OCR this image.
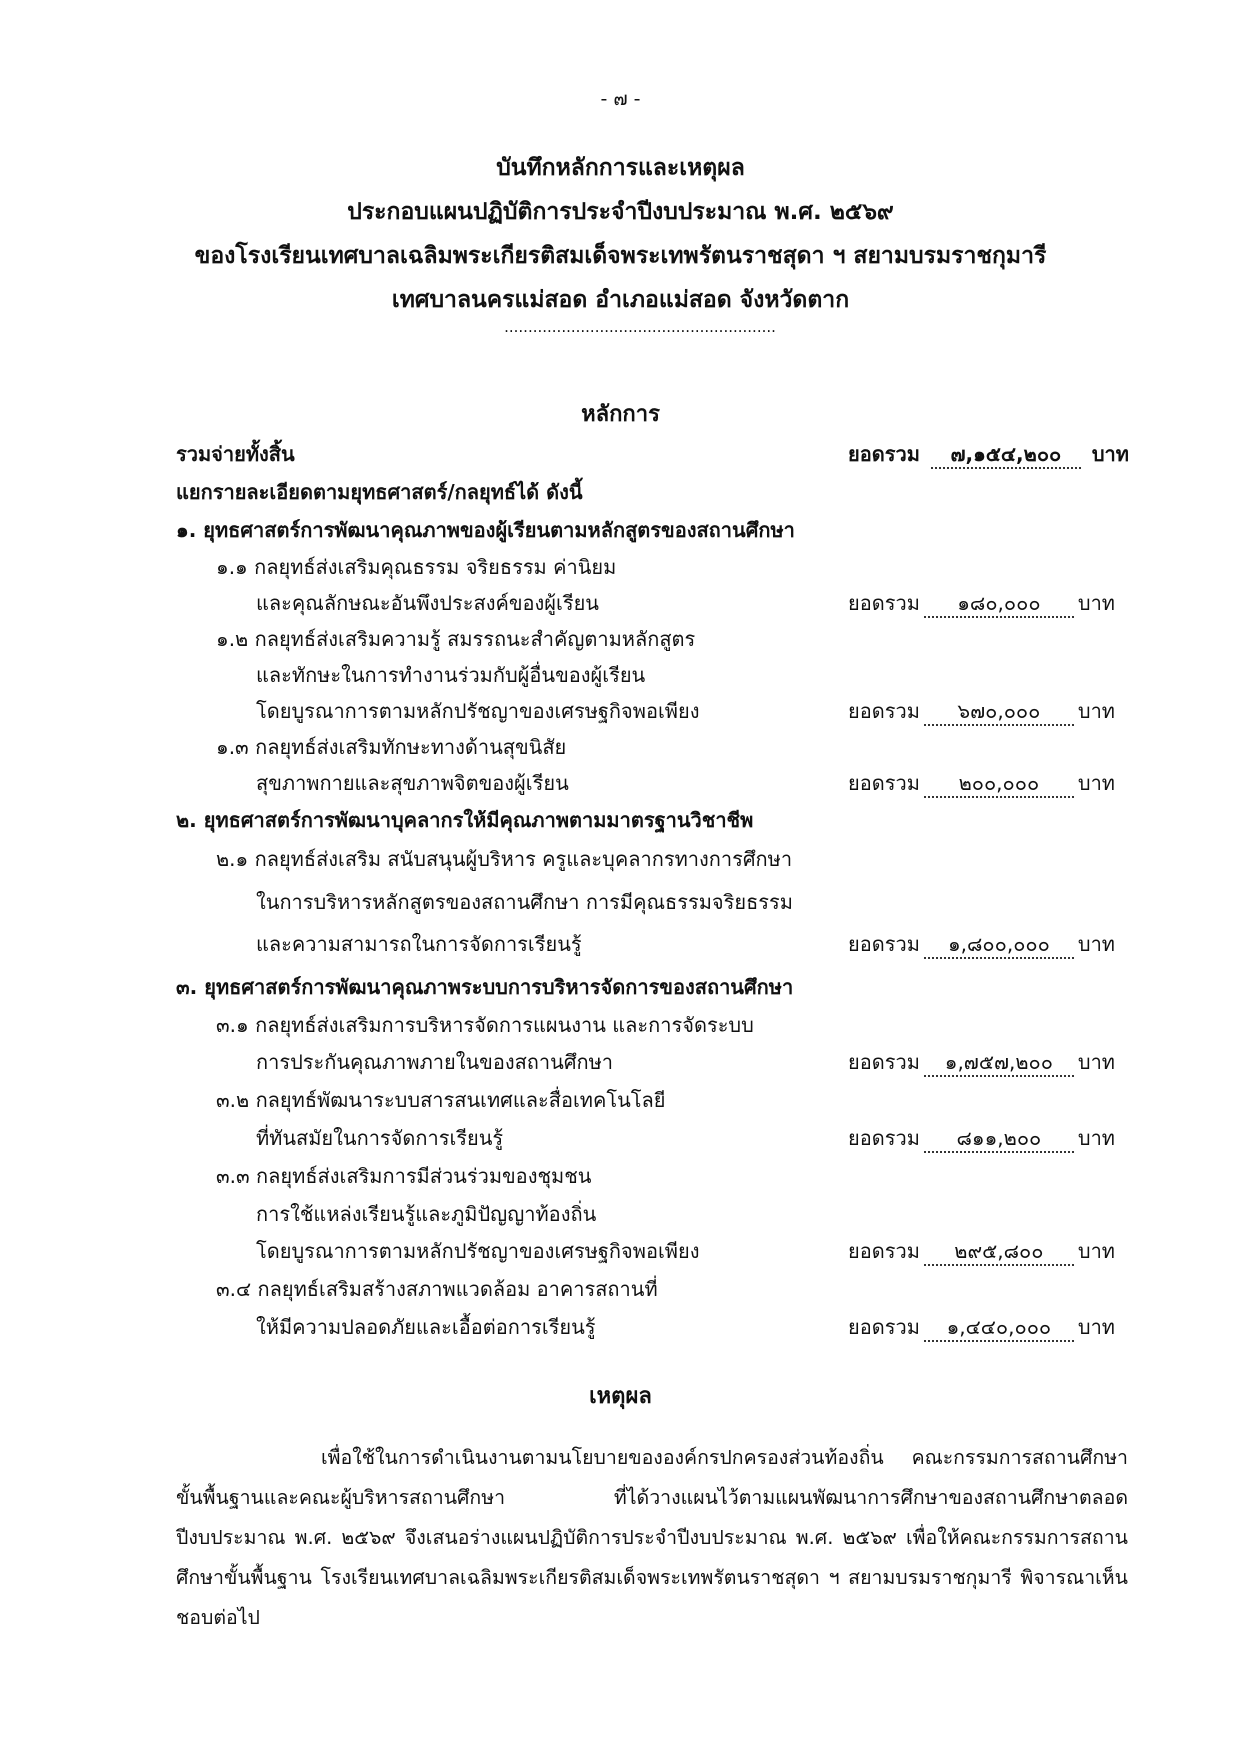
- ๗ -
บันทึกหลักการและเหตุผล
ประกอบแผนปฏิบัติการประจำปีงบประมาณ พ.ศ. ๒๕๖๙
ของโรงเรียนเทศบาลเฉลิมพระเกียรติสมเด็จพระเทพรัตนราชสุดา ฯ สยามบรมราชกุมารี
เทศบาลนครแม่สอด อำเภอแม่สอด จังหวัดตาก
.........................................................
หลักการ
รวมจ่ายทั้งสิ้น	ยอดรวม ๗,๑๕๔,๒๐๐ บาท
แยกรายละเอียดตามยุทธศาสตร์/กลยุทธ์ได้ ดังนี้
๑. ยุทธศาสตร์การพัฒนาคุณภาพของผู้เรียนตามหลักสูตรของสถานศึกษา
๑.๑ กลยุทธ์ส่งเสริมคุณธรรม จริยธรรม ค่านิยม
และคุณลักษณะอันพึงประสงค์ของผู้เรียน	ยอดรวม ๑๘๐,๐๐๐ บาท
๑.๒ กลยุทธ์ส่งเสริมความรู้ สมรรถนะสำคัญตามหลักสูตร
และทักษะในการทำงานร่วมกับผู้อื่นของผู้เรียน
โดยบูรณาการตามหลักปรัชญาของเศรษฐกิจพอเพียง	ยอดรวม ๖๗๐,๐๐๐ บาท
๑.๓ กลยุทธ์ส่งเสริมทักษะทางด้านสุขนิสัย
สุขภาพกายและสุขภาพจิตของผู้เรียน	ยอดรวม ๒๐๐,๐๐๐ บาท
๒. ยุทธศาสตร์การพัฒนาบุคลากรให้มีคุณภาพตามมาตรฐานวิชาชีพ
๒.๑ กลยุทธ์ส่งเสริม สนับสนุนผู้บริหาร ครูและบุคลากรทางการศึกษา
ในการบริหารหลักสูตรของสถานศึกษา การมีคุณธรรมจริยธรรม
และความสามารถในการจัดการเรียนรู้	ยอดรวม ๑,๘๐๐,๐๐๐ บาท
๓. ยุทธศาสตร์การพัฒนาคุณภาพระบบการบริหารจัดการของสถานศึกษา
๓.๑ กลยุทธ์ส่งเสริมการบริหารจัดการแผนงาน และการจัดระบบ
การประกันคุณภาพภายในของสถานศึกษา	ยอดรวม ๑,๗๕๗,๒๐๐ บาท
๓.๒ กลยุทธ์พัฒนาระบบสารสนเทศและสื่อเทคโนโลยี
ที่ทันสมัยในการจัดการเรียนรู้	ยอดรวม ๘๑๑,๒๐๐ บาท
๓.๓ กลยุทธ์ส่งเสริมการมีส่วนร่วมของชุมชน
การใช้แหล่งเรียนรู้และภูมิปัญญาท้องถิ่น
โดยบูรณาการตามหลักปรัชญาของเศรษฐกิจพอเพียง	ยอดรวม ๒๙๕,๘๐๐ บาท
๓.๔ กลยุทธ์เสริมสร้างสภาพแวดล้อม อาคารสถานที่
ให้มีความปลอดภัยและเอื้อต่อการเรียนรู้	ยอดรวม ๑,๔๔๐,๐๐๐ บาท
เหตุผล

เพื่อใช้ในการดำเนินงานตามนโยบายขององค์กรปกครองส่วนท้องถิ่น คณะกรรมการสถานศึกษาขั้นพื้นฐานและคณะผู้บริหารสถานศึกษา ที่ได้วางแผนไว้ตามแผนพัฒนาการศึกษาของสถานศึกษาตลอดปีงบประมาณ พ.ศ. ๒๕๖๙ จึงเสนอร่างแผนปฏิบัติการประจำปีงบประมาณ พ.ศ. ๒๕๖๙ เพื่อให้คณะกรรมการสถานศึกษาขั้นพื้นฐาน โรงเรียนเทศบาลเฉลิมพระเกียรติสมเด็จพระเทพรัตนราชสุดา ฯ สยามบรมราชกุมารี พิจารณาเห็นชอบต่อไป
